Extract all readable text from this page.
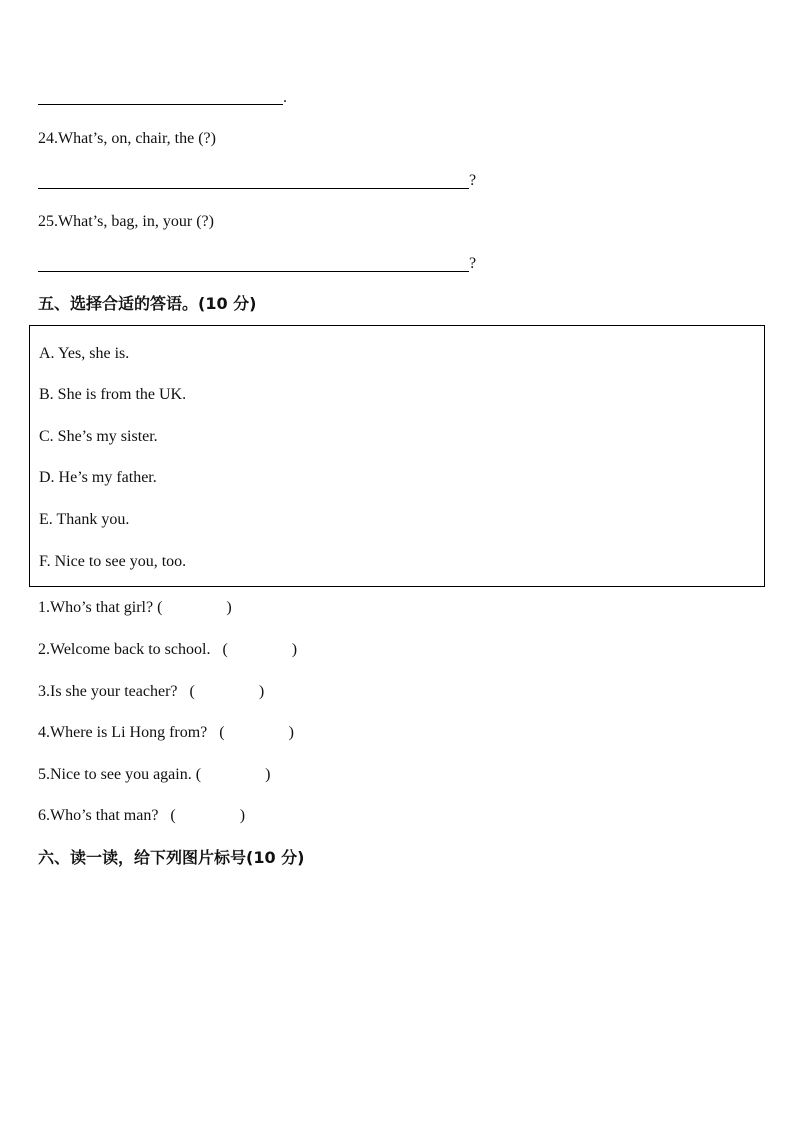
.
24.What’s, on, chair, the (?)
?
25.What’s, bag, in, your (?)
?
五、选择合适的答语。(10 分)
A. Yes, she is.
B. She is from the UK.
C. She’s my sister.
D. He’s my father.
E. Thank you.
F. Nice to see you, too.
1.Who’s that girl? (　　　　)
2.Welcome back to school. (　　　　)
3.Is she your teacher? (　　　　)
4.Where is Li Hong from? (　　　　)
5.Nice to see you again. (　　　　)
6.Who’s that man? (　　　　)
六、读一读，给下列图片标号(10 分)
